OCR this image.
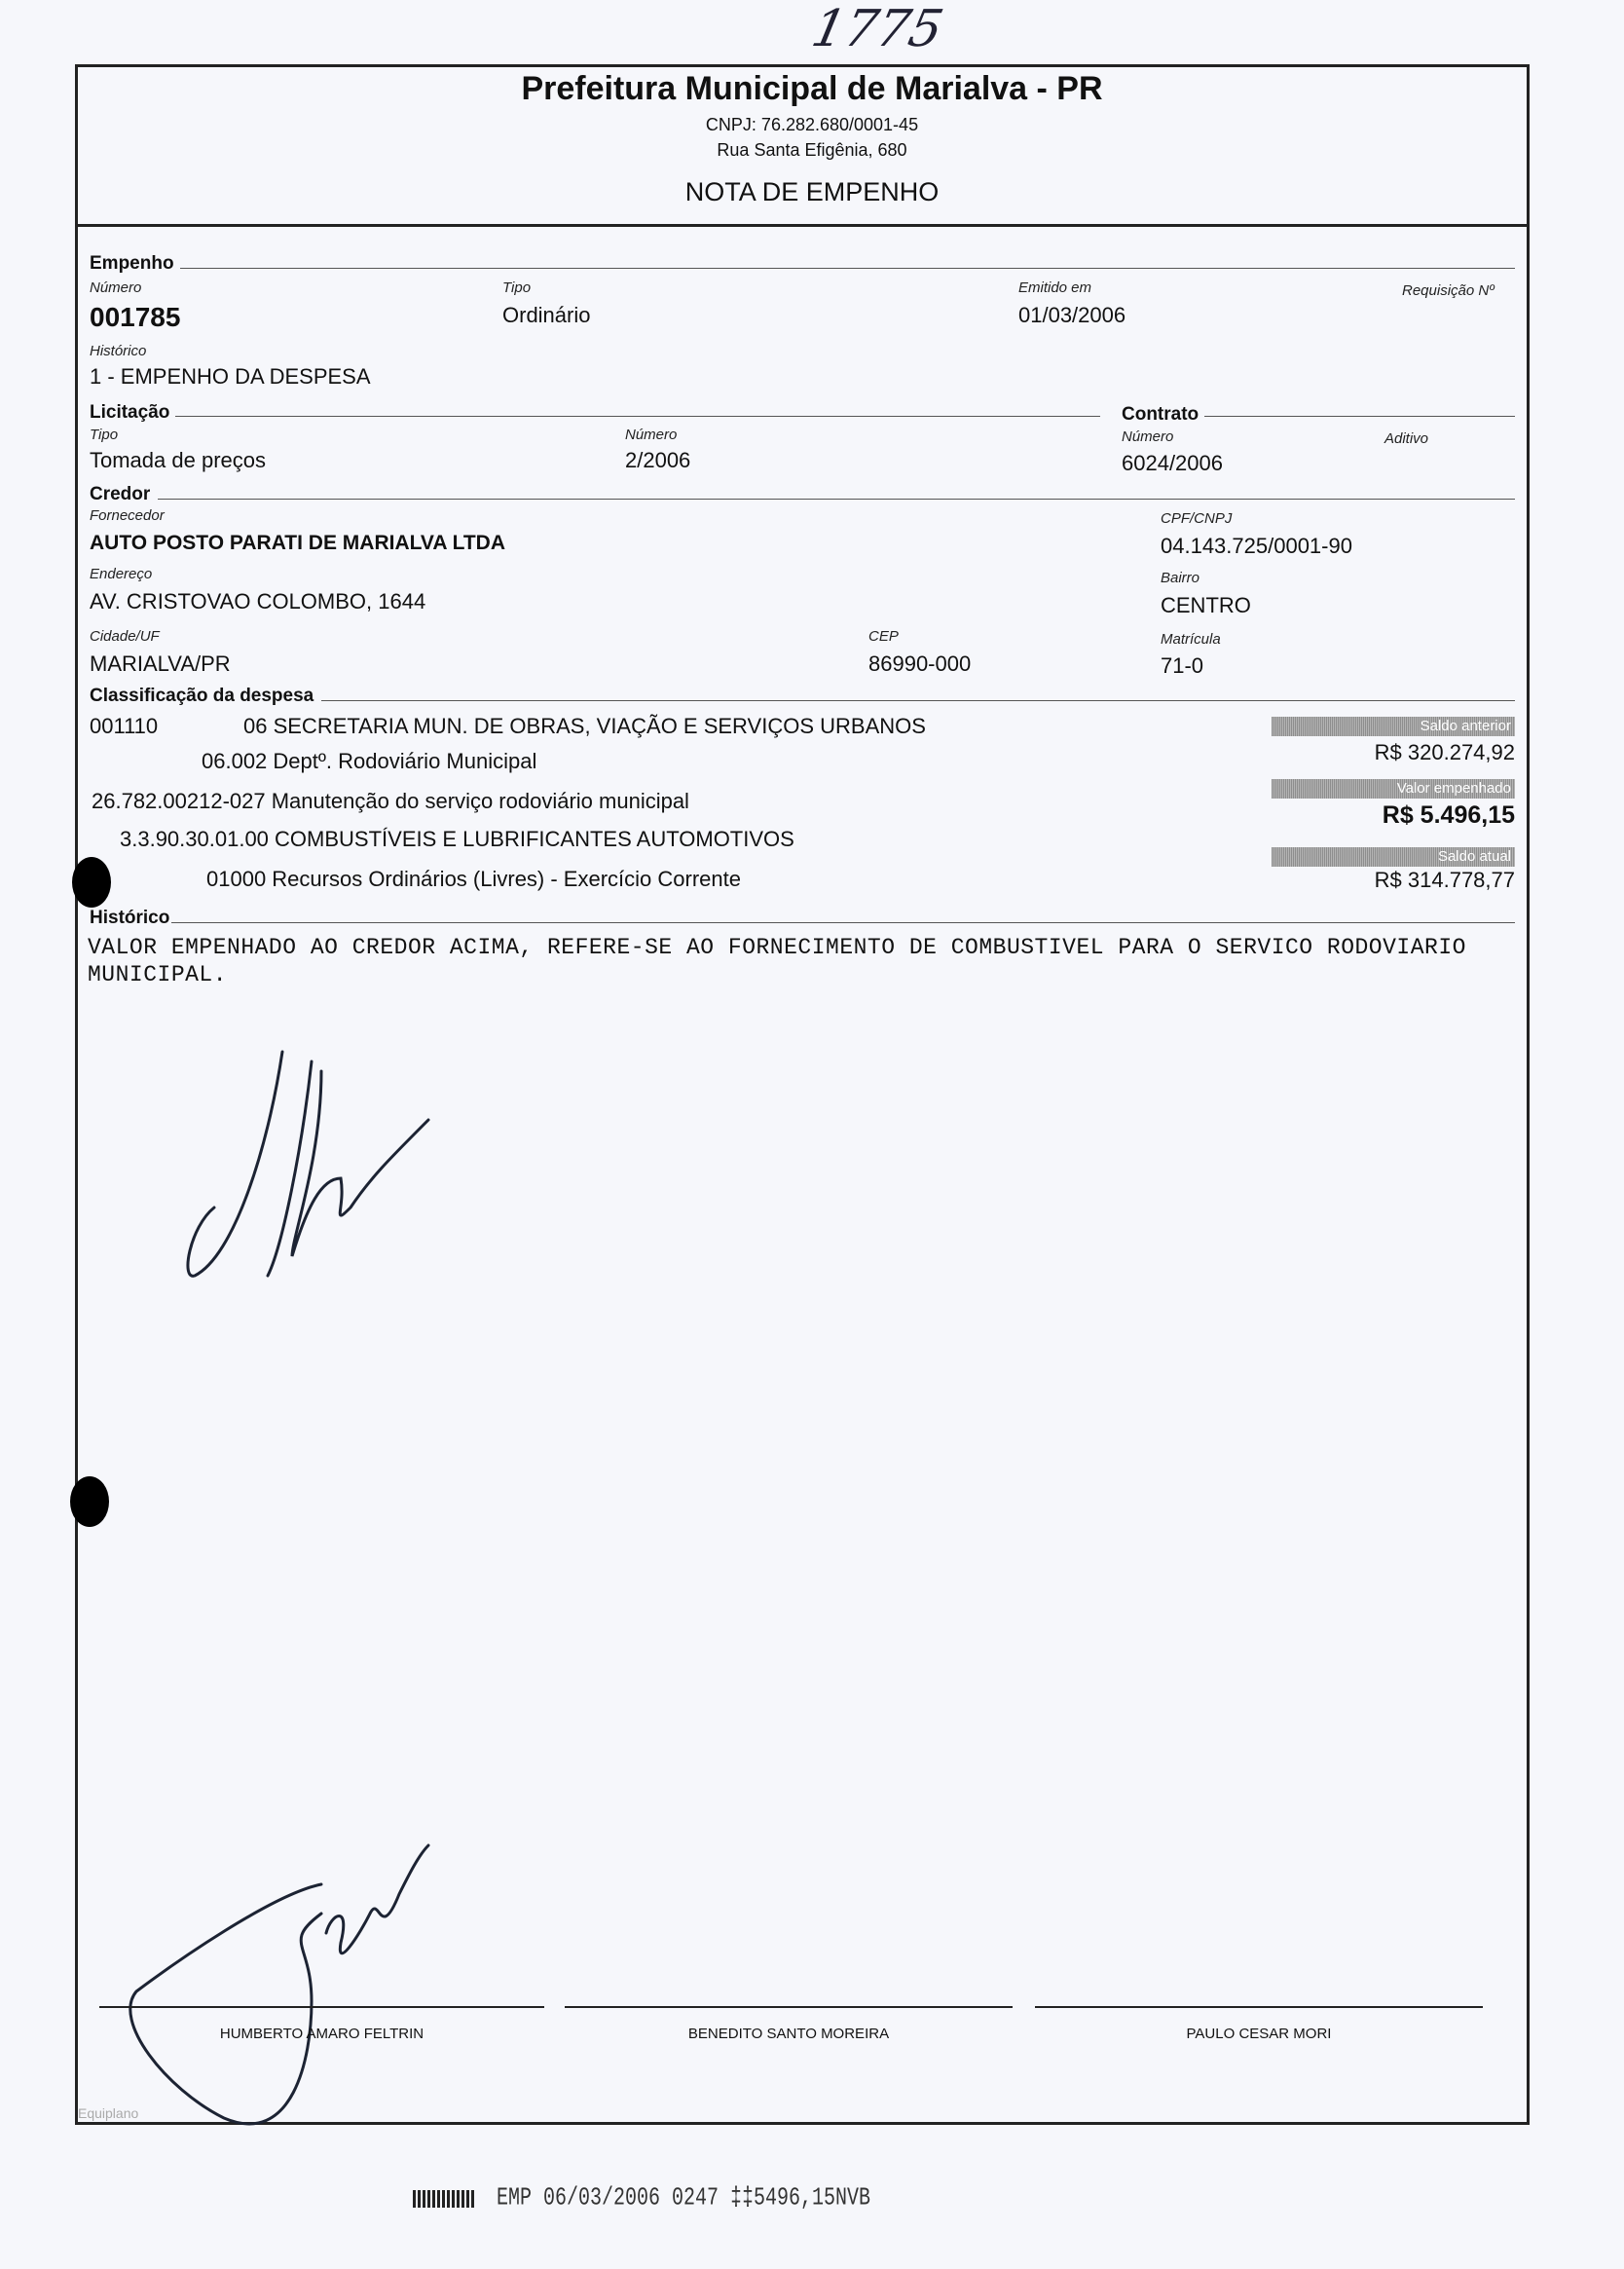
1775
Prefeitura Municipal de Marialva - PR
CNPJ: 76.282.680/0001-45
Rua Santa Efigênia, 680
NOTA DE EMPENHO
Empenho
Número
001785
Tipo
Ordinário
Emitido em
01/03/2006
Requisição Nº
Histórico
1 - EMPENHO DA DESPESA
Licitação	Contrato
Tipo
Tomada de preços
Número
2/2006
Número
6024/2006
Aditivo
Credor
Fornecedor
AUTO POSTO PARATI DE MARIALVA LTDA
CPF/CNPJ
04.143.725/0001-90
Endereço
AV. CRISTOVAO COLOMBO, 1644
Bairro
CENTRO
Cidade/UF
MARIALVA/PR
CEP
86990-000
Matrícula
71-0
Classificação da despesa
001110	06 SECRETARIA MUN. DE OBRAS, VIAÇÃO E SERVIÇOS URBANOS
06.002 Deptº. Rodoviário Municipal
26.782.00212-027 Manutenção do serviço rodoviário municipal
3.3.90.30.01.00 COMBUSTÍVEIS E LUBRIFICANTES AUTOMOTIVOS
01000 Recursos Ordinários (Livres) - Exercício Corrente
Saldo anterior
R$ 320.274,92
Valor empenhado
R$ 5.496,15
Saldo atual
R$ 314.778,77
Histórico
VALOR EMPENHADO AO CREDOR ACIMA, REFERE-SE AO FORNECIMENTO DE COMBUSTIVEL PARA O SERVICO RODOVIARIO
MUNICIPAL.
HUMBERTO AMARO FELTRIN	BENEDITO SANTO MOREIRA	PAULO CESAR MORI
Equiplano
EMP 06/03/2006 0247 ‡‡5496,15NVB
